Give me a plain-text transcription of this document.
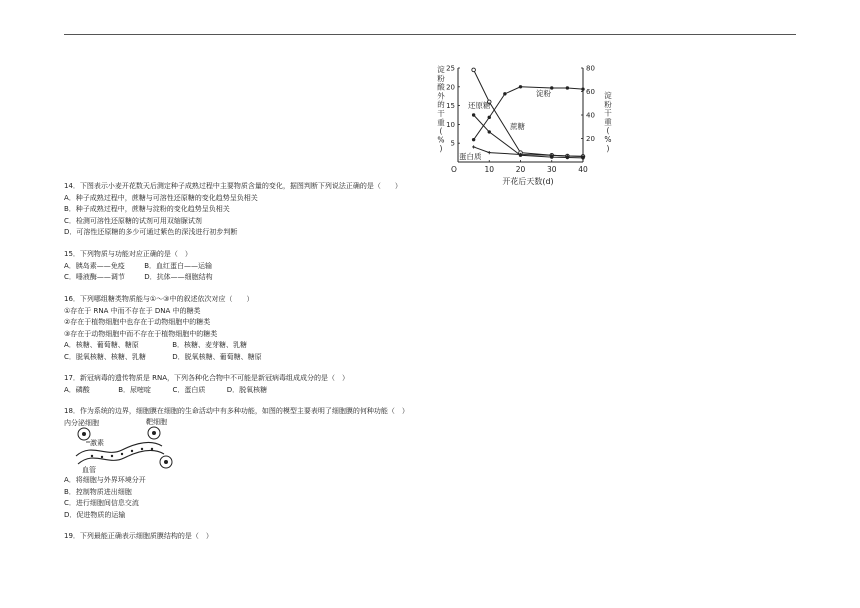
O	10	20	30	40
5
10
15
20
25
20
40
60
80
淀
粉
酸
外
的
干
重
(
%
)
淀
粉
干
重
(
%
)
开花后天数(d)
还原糖
蔗糖
淀粉
蛋白质
14．下图表示小麦开花数天后测定种子成熟过程中主要物质含量的变化，据图判断下列说法正确的是（　　）
A．种子成熟过程中，蔗糖与可溶性还原糖的变化趋势呈负相关
B．种子成熟过程中，蔗糖与淀粉的变化趋势呈负相关
C．检测可溶性还原糖的试剂可用双缩脲试剂
D．可溶性还原糖的多少可通过紫色的深浅进行初步判断
15．下列物质与功能对应正确的是（　）
A．胰岛素——免疫	B．血红蛋白——运输
C．唾液酶——调节	D．抗体——细胞结构
16．下列哪组糖类物质能与①～③中的叙述依次对应（　　）
①存在于 RNA 中而不存在于 DNA 中的糖类
②存在于植物细胞中也存在于动物细胞中的糖类
③存在于动物细胞中而不存在于植物细胞中的糖类
A．核糖、葡萄糖、糖原	B．核糖、麦芽糖、乳糖
C．脱氧核糖、核糖、乳糖	D．脱氧核糖、葡萄糖、糖原
17．新冠病毒的遗传物质是 RNA，下列各种化合物中不可能是新冠病毒组成成分的是（　）
A．磷酸	B．尿嘧啶	C．蛋白质	D．脱氧核糖
18．作为系统的边界，细胞膜在细胞的生命活动中有多种功能，如图的模型主要表明了细胞膜的何种功能（　）
内分泌细胞	靶细胞
激素
血管
A．将细胞与外界环境分开
B．控制物质进出细胞
C．进行细胞间信息交流
D．促进物质的运输
19．下列最能正确表示细胞质膜结构的是（　）
